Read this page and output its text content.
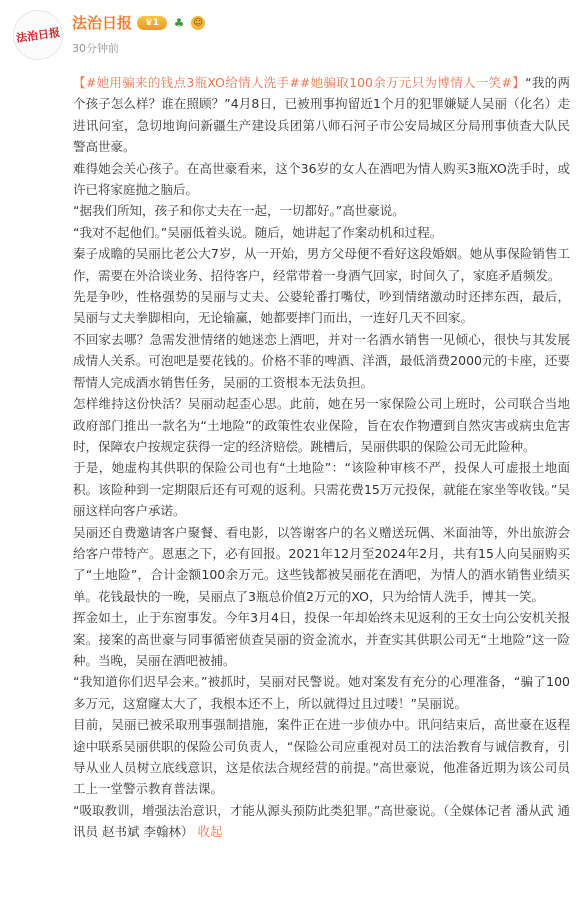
法治日报
法治日报	♛ 1 ♣ ☺
30分钟前

【#她用骗来的钱点3瓶XO给情人洗手##她骗取100余万元只为博情人一笑#】“我的两个孩子怎么样？谁在照顾？”4月8日，已被刑事拘留近1个月的犯罪嫌疑人吴丽（化名）走进讯问室，急切地询问新疆生产建设兵团第八师石河子市公安局城区分局刑事侦查大队民警高世豪。

难得她会关心孩子。在高世豪看来，这个36岁的女人在酒吧为情人购买3瓶XO洗手时，或许已将家庭抛之脑后。

“据我们所知，孩子和你丈夫在一起，一切都好。”高世豪说。

“我对不起他们。”吴丽低着头说。随后，她讲起了作案动机和过程。

秦子成瞻的吴丽比老公大7岁，从一开始，男方父母便不看好这段婚姻。她从事保险销售工作，需要在外洽谈业务、招待客户，经常带着一身酒气回家，时间久了，家庭矛盾频发。

先是争吵，性格强势的吴丽与丈夫、公婆轮番打嘴仗，吵到情绪激动时还摔东西，最后，吴丽与丈夫拳脚相向，无论输赢，她都要摔门而出，一连好几天不回家。

不回家去哪？急需发泄情绪的她迷恋上酒吧，并对一名酒水销售一见倾心，很快与其发展成情人关系。可泡吧是要花钱的。价格不菲的啤酒、洋酒，最低消费2000元的卡座，还要帮情人完成酒水销售任务，吴丽的工资根本无法负担。

怎样维持这份快活？吴丽动起歪心思。此前，她在另一家保险公司上班时，公司联合当地政府部门推出一款名为“土地险”的政策性农业保险，旨在农作物遭到自然灾害或病虫危害时，保障农户按规定获得一定的经济赔偿。跳槽后，吴丽供职的保险公司无此险种。

于是，她虚构其供职的保险公司也有“土地险”：“该险种审核不严，投保人可虚报土地面积。该险种到一定期限后还有可观的返利。只需花费15万元投保，就能在家坐等收钱。”吴丽这样向客户承诺。

吴丽还自费邀请客户聚餐、看电影，以答谢客户的名义赠送玩偶、米面油等，外出旅游会给客户带特产。恩惠之下，必有回报。2021年12月至2024年2月，共有15人向吴丽购买了“土地险”，合计金额100余万元。这些钱都被吴丽花在酒吧，为情人的酒水销售业绩买单。花钱最快的一晚，吴丽点了3瓶总价值2万元的XO，只为给情人洗手，博其一笑。

挥金如土，止于东窗事发。今年3月4日，投保一年却始终未见返利的王女士向公安机关报案。接案的高世豪与同事循密侦查吴丽的资金流水，并查实其供职公司无“土地险”这一险种。当晚，吴丽在酒吧被捕。

“我知道你们迟早会来。”被抓时，吴丽对民警说。她对案发有充分的心理准备，“骗了100多万元，这窟窿太大了，我根本还不上，所以就得过且过喽！”吴丽说。

目前，吴丽已被采取刑事强制措施，案件正在进一步侦办中。讯问结束后，高世豪在返程途中联系吴丽供职的保险公司负责人，“保险公司应重视对员工的法治教育与诚信教育，引导从业人员树立底线意识，这是依法合规经营的前提。”高世豪说，他准备近期为该公司员工上一堂警示教育普法课。

“吸取教训，增强法治意识，才能从源头预防此类犯罪。”高世豪说。（全媒体记者 潘从武 通讯员 赵书斌 李翰林） 收起
